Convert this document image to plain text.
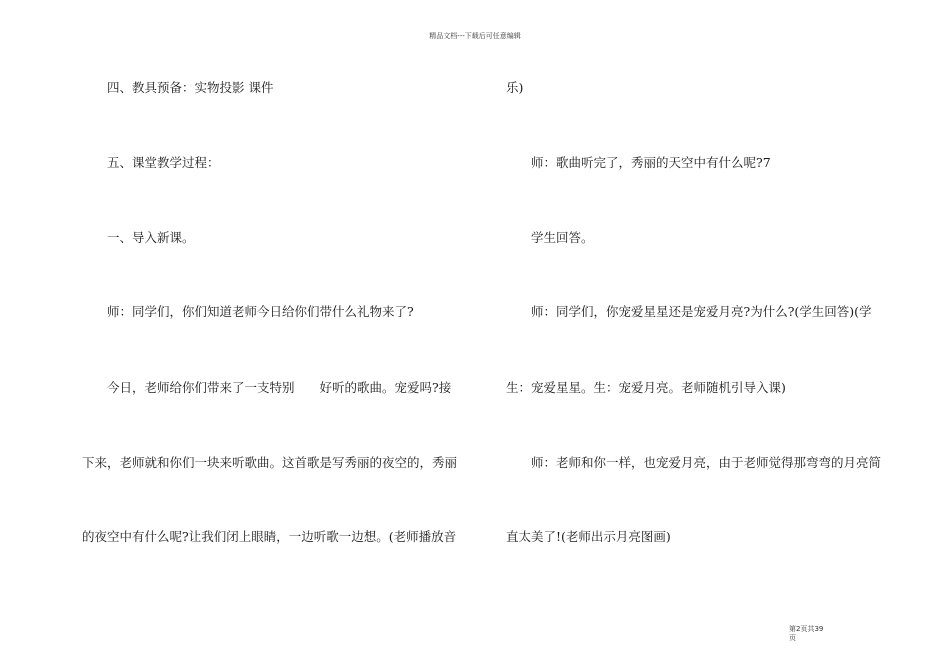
精品文档---下载后可任意编辑
四、教具预备：实物投影 课件
五、课堂教学过程：
一、导入新课。
师：同学们，你们知道老师今日给你们带什么礼物来了?
今日，老师给你们带来了一支特别　　好听的歌曲。宠爱吗?接
下来，老师就和你们一块来听歌曲。这首歌是写秀丽的夜空的，秀丽
的夜空中有什么呢?让我们闭上眼睛，一边听歌一边想。(老师播放音
乐)
师：歌曲听完了，秀丽的天空中有什么呢?7
学生回答。
师：同学们，你宠爱星星还是宠爱月亮?为什么?(学生回答)(学
生：宠爱星星。生：宠爱月亮。老师随机引导入课)
师：老师和你一样，也宠爱月亮，由于老师觉得那弯弯的月亮简
直太美了!(老师出示月亮图画)
第2页共39
页
